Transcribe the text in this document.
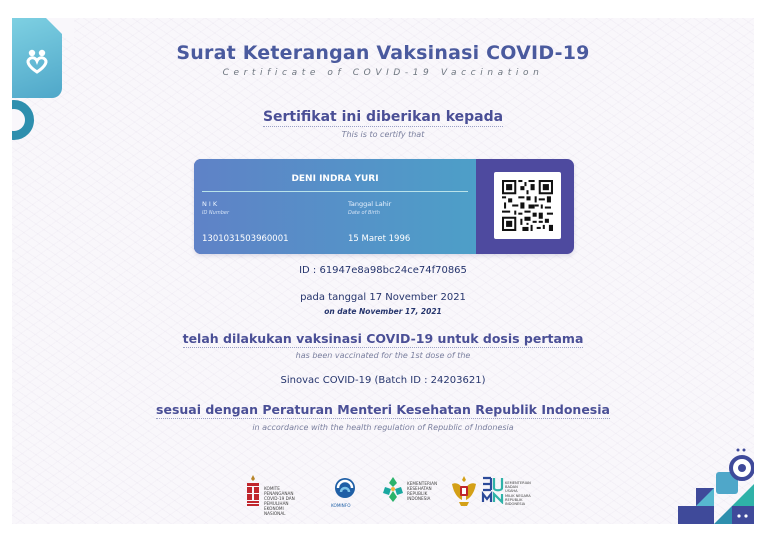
Surat Keterangan Vaksinasi COVID-19
Certificate of COVID-19 Vaccination
Sertifikat ini diberikan kepada
This is to certify that
DENI INDRA YURI
N I K
ID Number
1301031503960001
Tanggal Lahir
Date of Birth
15 Maret 1996
ID : 61947e8a98bc24ce74f70865
pada tanggal 17 November 2021
on date November 17, 2021
telah dilakukan vaksinasi COVID-19 untuk dosis pertama
has been vaccinated for the 1st dose of the
Sinovac COVID-19 (Batch ID : 24203621)
sesuai dengan Peraturan Menteri Kesehatan Republik Indonesia
in accordance with the health regulation of Republic of Indonesia
KOMITE PENANGANAN
COVID-19 DAN PEMULIHAN
EKONOMI NASIONAL
KOMINFO
KEMENTERIAN
KESEHATAN
REPUBLIK
INDONESIA
KEMENTERIAN
BADAN USAHA
MILIK NEGARA
REPUBLIK
INDONESIA
